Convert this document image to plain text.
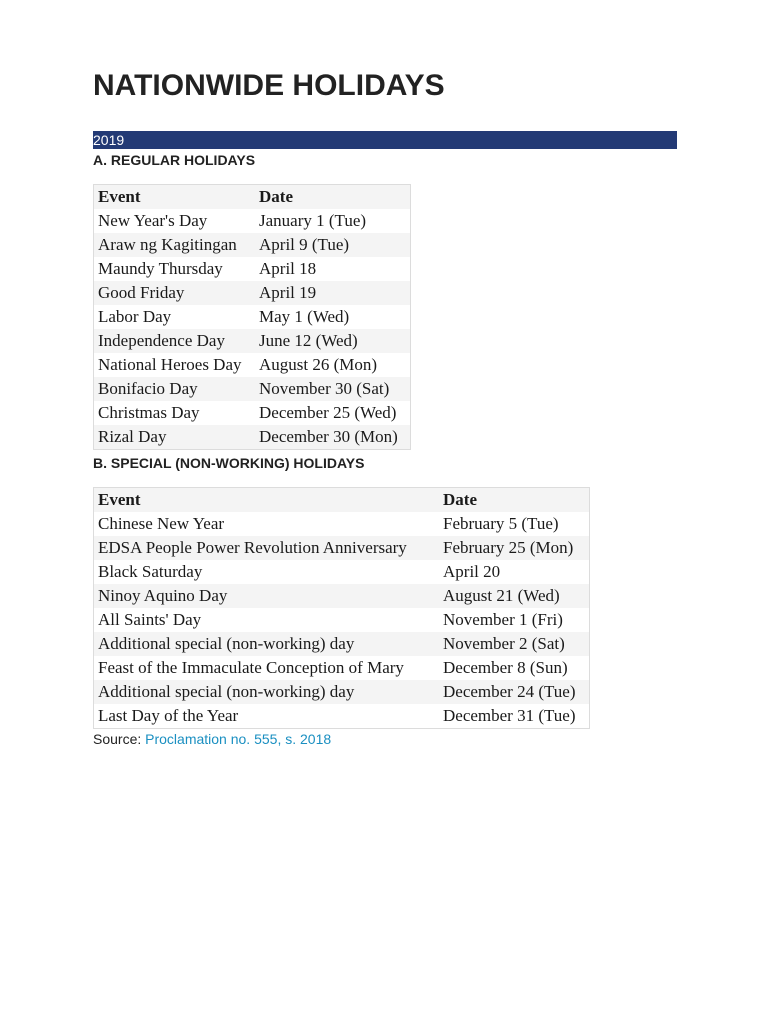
NATIONWIDE HOLIDAYS
2019
A. REGULAR HOLIDAYS
Event	Date
New Year's Day	January 1 (Tue)
Araw ng Kagitingan	April 9 (Tue)
Maundy Thursday	April 18
Good Friday	April 19
Labor Day	May 1 (Wed)
Independence Day	June 12 (Wed)
National Heroes Day	August 26 (Mon)
Bonifacio Day	November 30 (Sat)
Christmas Day	December 25 (Wed)
Rizal Day	December 30 (Mon)
B. SPECIAL (NON-WORKING) HOLIDAYS
Event	Date
Chinese New Year	February 5 (Tue)
EDSA People Power Revolution Anniversary	February 25 (Mon)
Black Saturday	April 20
Ninoy Aquino Day	August 21 (Wed)
All Saints' Day	November 1 (Fri)
Additional special (non-working) day	November 2 (Sat)
Feast of the Immaculate Conception of Mary	December 8 (Sun)
Additional special (non-working) day	December 24 (Tue)
Last Day of the Year	December 31 (Tue)
Source: Proclamation no. 555, s. 2018
